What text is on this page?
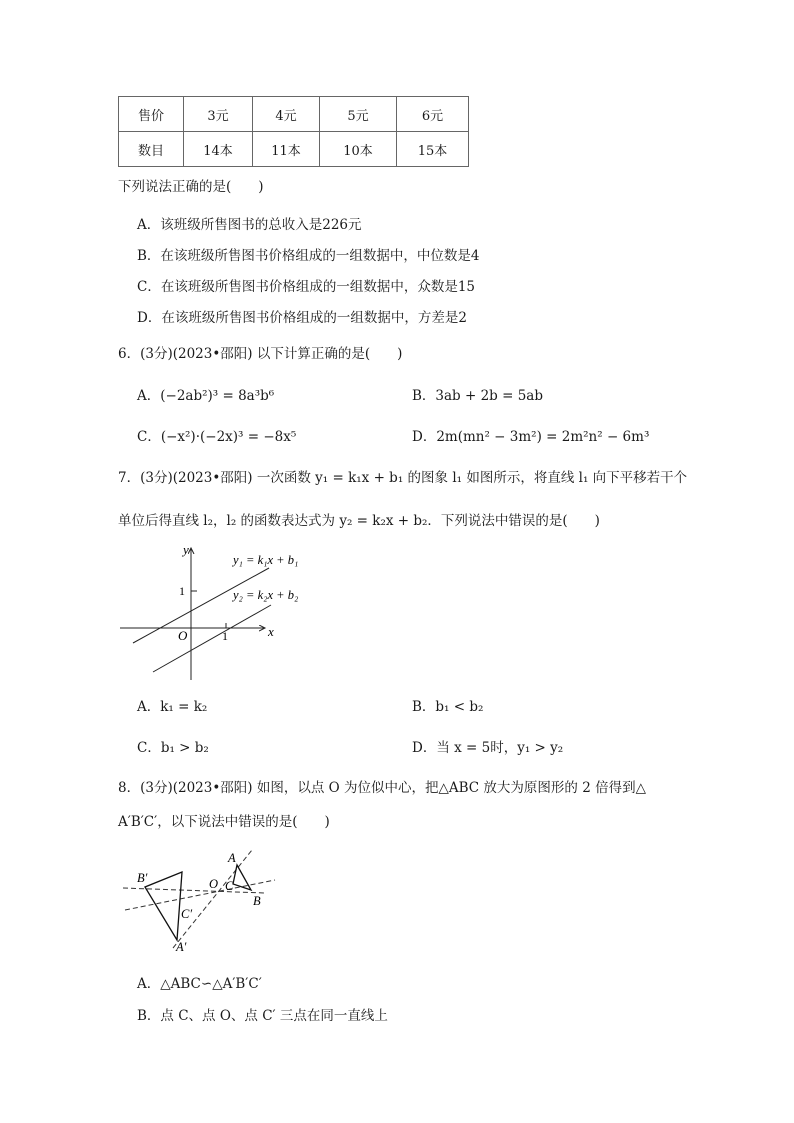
售价	3元	4元	5元	6元
数目	14本	11本	10本	15本
下列说法正确的是(　　)
A．该班级所售图书的总收入是226元
B．在该班级所售图书价格组成的一组数据中，中位数是4
C．在该班级所售图书价格组成的一组数据中，众数是15
D．在该班级所售图书价格组成的一组数据中，方差是2
6．(3分)(2023•邵阳) 以下计算正确的是(　　)
A．(−2ab²)³ = 8a³b⁶	B．3ab + 2b = 5ab
C．(−x²)·(−2x)³ = −8x⁵	D．2m(mn² − 3m²) = 2m²n² − 6m³
7．(3分)(2023•邵阳) 一次函数 y₁ = k₁x + b₁ 的图象 l₁ 如图所示，将直线 l₁ 向下平移若干个
单位后得直线 l₂，l₂ 的函数表达式为 y₂ = k₂x + b₂．下列说法中错误的是(　　)
y
x
O
1
1
y₁ = k₁x + b₁
y₂ = k₂x + b₂
A．k₁ = k₂	B．b₁ < b₂
C．b₁ > b₂	D．当 x = 5时，y₁ > y₂
8．(3分)(2023•邵阳) 如图，以点 O 为位似中心，把△ABC 放大为原图形的 2 倍得到△
A′B′C′，以下说法中错误的是(　　)
A
B
C
O
A′
B′
C′
A．△ABC∽△A′B′C′
B．点 C、点 O、点 C′ 三点在同一直线上
